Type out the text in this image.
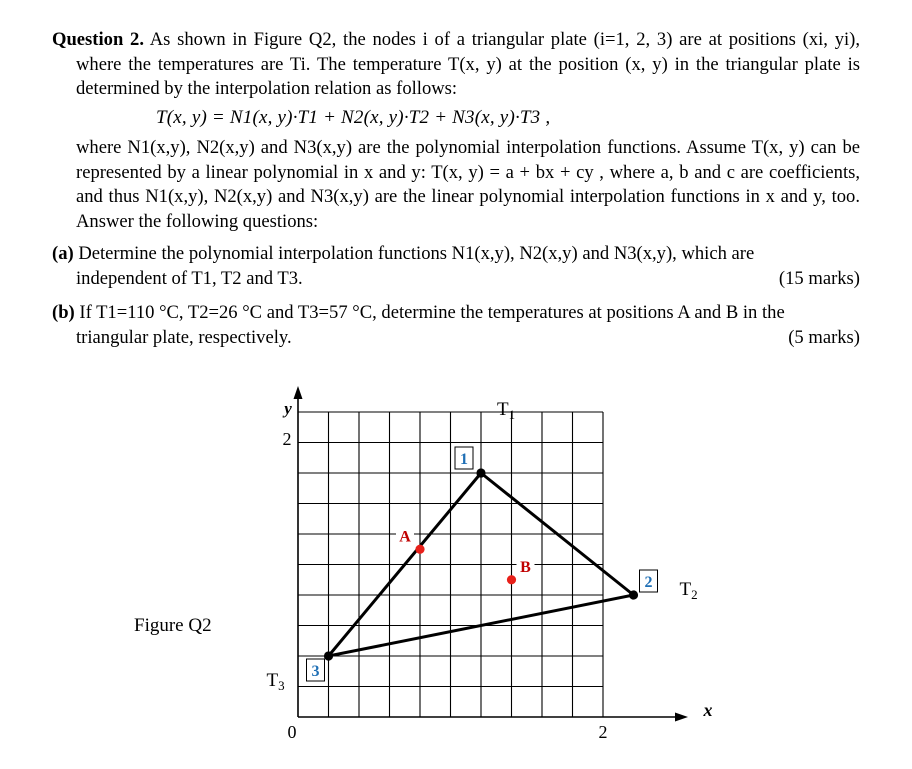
Question 2. As shown in Figure Q2, the nodes i of a triangular plate (i=1, 2, 3) are at positions (xi, yi), where the temperatures are Ti. The temperature T(x, y) at the position (x, y) in the triangular plate is determined by the interpolation relation as follows:

T(x, y) = N1(x, y)·T1 + N2(x, y)·T2 + N3(x, y)·T3 ,

where N1(x,y), N2(x,y) and N3(x,y) are the polynomial interpolation functions. Assume T(x, y) can be represented by a linear polynomial in x and y: T(x, y) = a + bx + cy , where a, b and c are coefficients, and thus N1(x,y), N2(x,y) and N3(x,y) are the linear polynomial interpolation functions in x and y, too. Answer the following questions:

(a) Determine the polynomial interpolation functions N1(x,y), N2(x,y) and N3(x,y), which are

independent of T1, T2 and T3.	(15 marks)

(b) If T1=110 °C, T2=26 °C and T3=57 °C, determine the temperatures at positions A and B in the

triangular plate, respectively.	(5 marks)
y
2
x
0	2
Figure Q2
1
$T_1$
2 $T_2$
3
$T_3$
A
B
